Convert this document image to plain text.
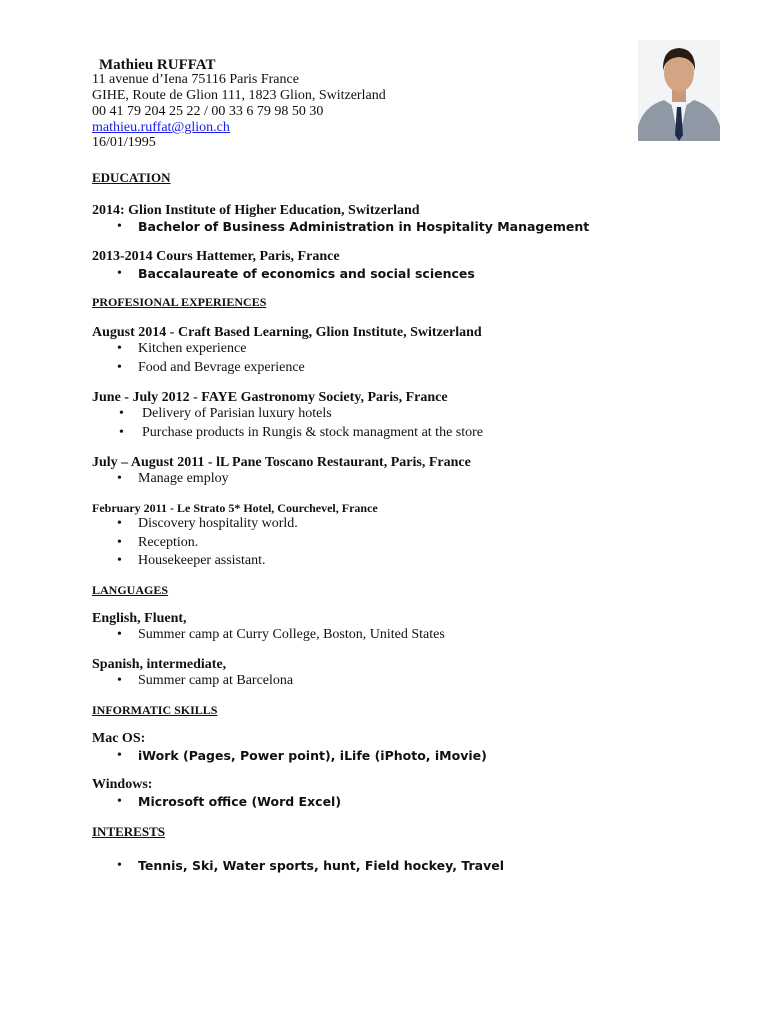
Mathieu RUFFAT
11 avenue d’Iena 75116 Paris France
GIHE, Route de Glion 111, 1823 Glion, Switzerland
00 41 79 204 25 22 / 00 33 6 79 98 50 30
mathieu.ruffat@glion.ch
16/01/1995
EDUCATION
2014: Glion Institute of Higher Education, Switzerland
• Bachelor of Business Administration in Hospitality Management
2013-2014 Cours Hattemer, Paris, France
• Baccalaureate of economics and social sciences
PROFESIONAL EXPERIENCES
August 2014 - Craft Based Learning, Glion Institute, Switzerland
• Kitchen experience
• Food and Bevrage experience
June - July 2012 - FAYE Gastronomy Society, Paris, France
• Delivery of Parisian luxury hotels
• Purchase products in Rungis & stock managment at the store
July – August 2011 - lL Pane Toscano Restaurant, Paris, France
• Manage employ
February 2011 - Le Strato 5* Hotel, Courchevel, France
• Discovery hospitality world.
• Reception.
• Housekeeper assistant.
LANGUAGES
English, Fluent,
• Summer camp at Curry College, Boston, United States
Spanish, intermediate,
• Summer camp at Barcelona
INFORMATIC SKILLS
Mac OS:
• iWork (Pages, Power point), iLife (iPhoto, iMovie)
Windows:
• Microsoft office (Word Excel)
INTERESTS
• Tennis, Ski, Water sports, hunt, Field hockey, Travel
